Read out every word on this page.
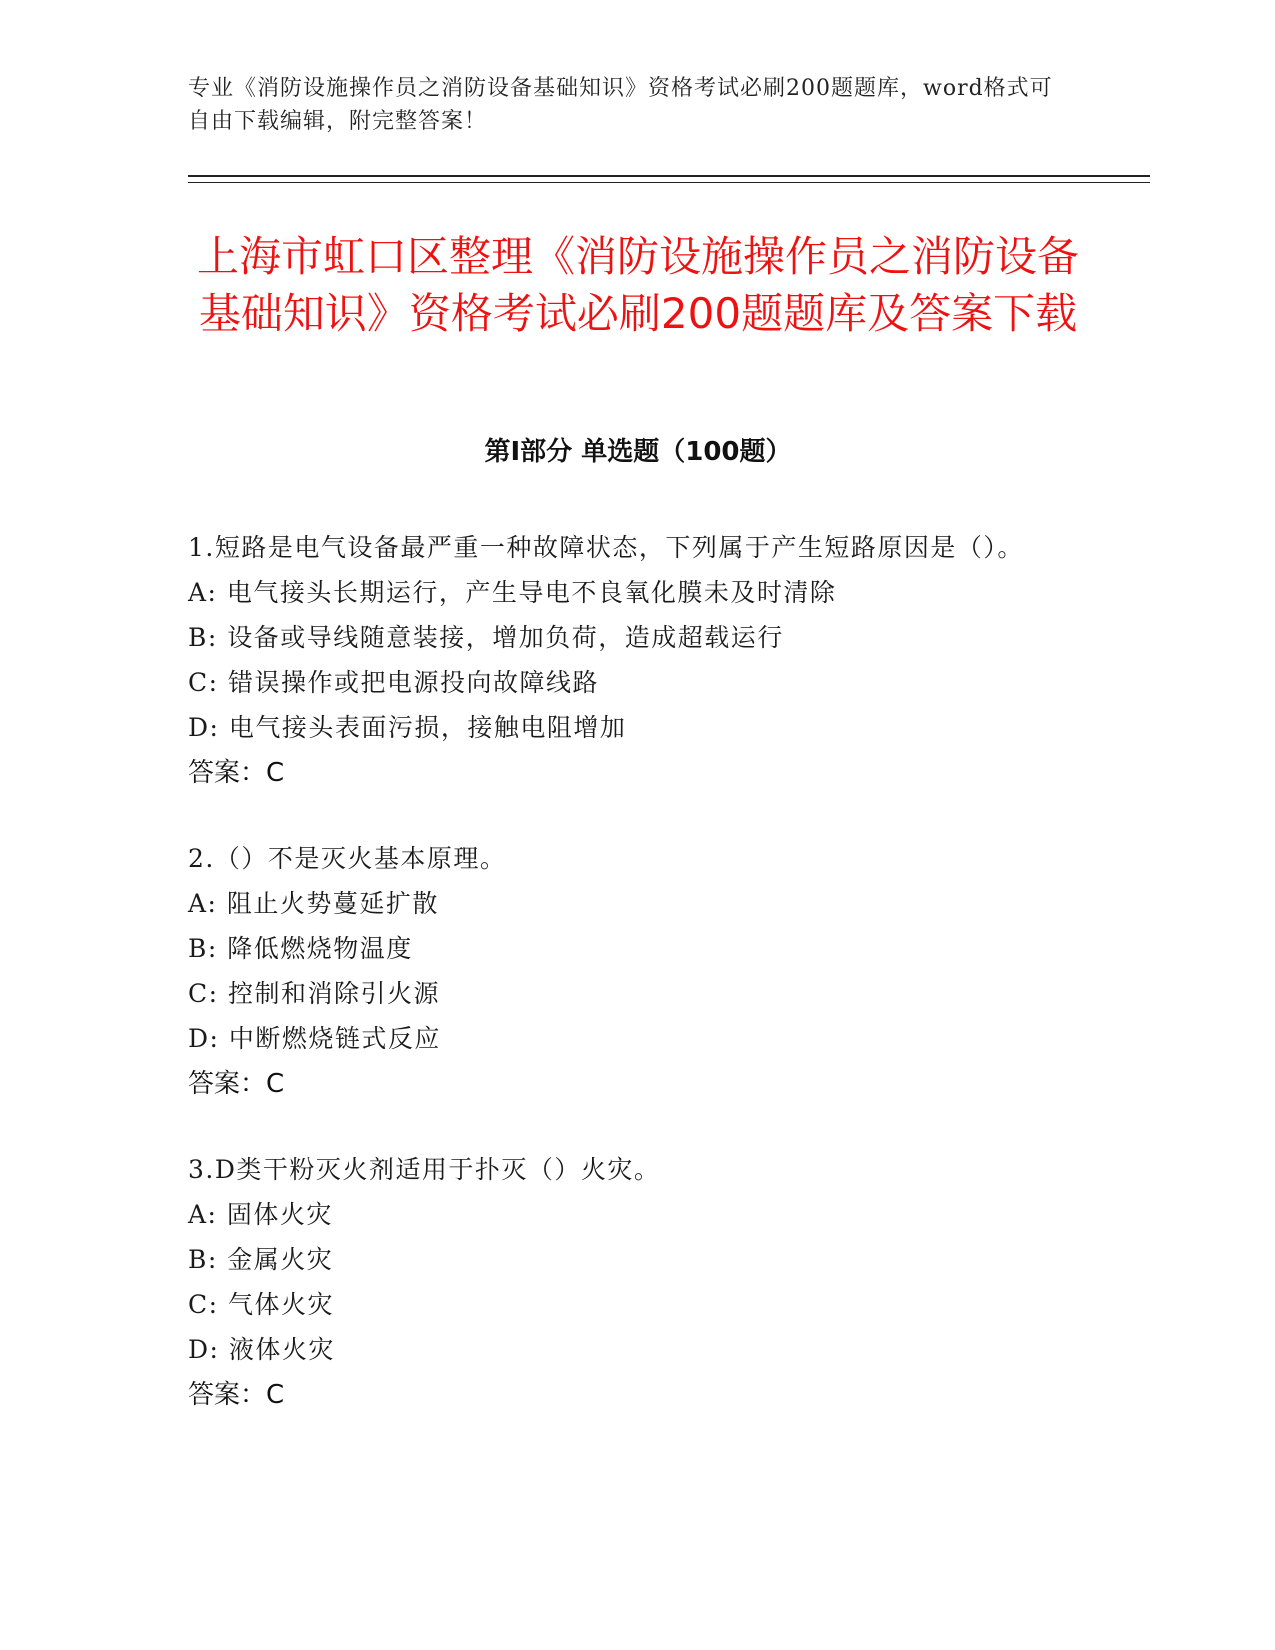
专业《消防设施操作员之消防设备基础知识》资格考试必刷200题题库，word格式可自由下载编辑，附完整答案！
上海市虹口区整理《消防设施操作员之消防设备基础知识》资格考试必刷200题题库及答案下载
第Ⅰ部分 单选题（100题）
1.短路是电气设备最严重一种故障状态，下列属于产生短路原因是（）。
A: 电气接头长期运行，产生导电不良氧化膜未及时清除
B: 设备或导线随意装接，增加负荷，造成超载运行
C: 错误操作或把电源投向故障线路
D: 电气接头表面污损，接触电阻增加
答案：C
2.（）不是灭火基本原理。
A: 阻止火势蔓延扩散
B: 降低燃烧物温度
C: 控制和消除引火源
D: 中断燃烧链式反应
答案：C
3.D类干粉灭火剂适用于扑灭（）火灾。
A: 固体火灾
B: 金属火灾
C: 气体火灾
D: 液体火灾
答案：C
